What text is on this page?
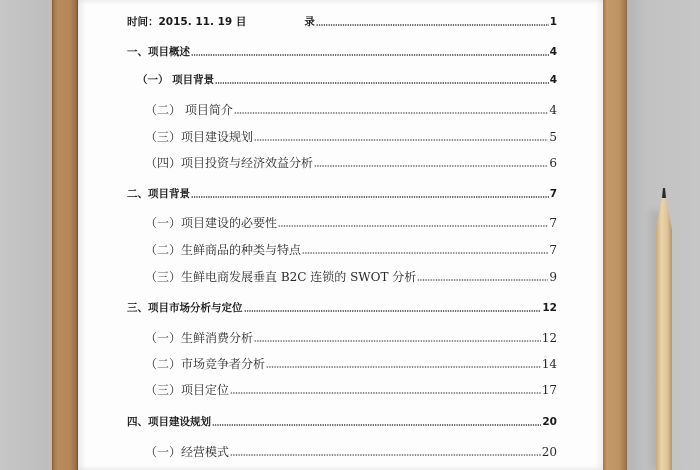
时间：2015. 11. 19 目	录	1
一、项目概述	4
（一） 项目背景	4
（二） 项目简介	4
（三）项目建设规划	5
（四）项目投资与经济效益分析	6
二、项目背景	7
（一）项目建设的必要性	7
（二）生鲜商品的种类与特点	7
（三）生鲜电商发展垂直 B2C 连锁的 SWOT 分析	9
三、项目市场分析与定位	12
（一）生鲜消费分析	12
（二）市场竞争者分析	14
（三）项目定位	17
四、项目建设规划	20
（一）经营模式	20
